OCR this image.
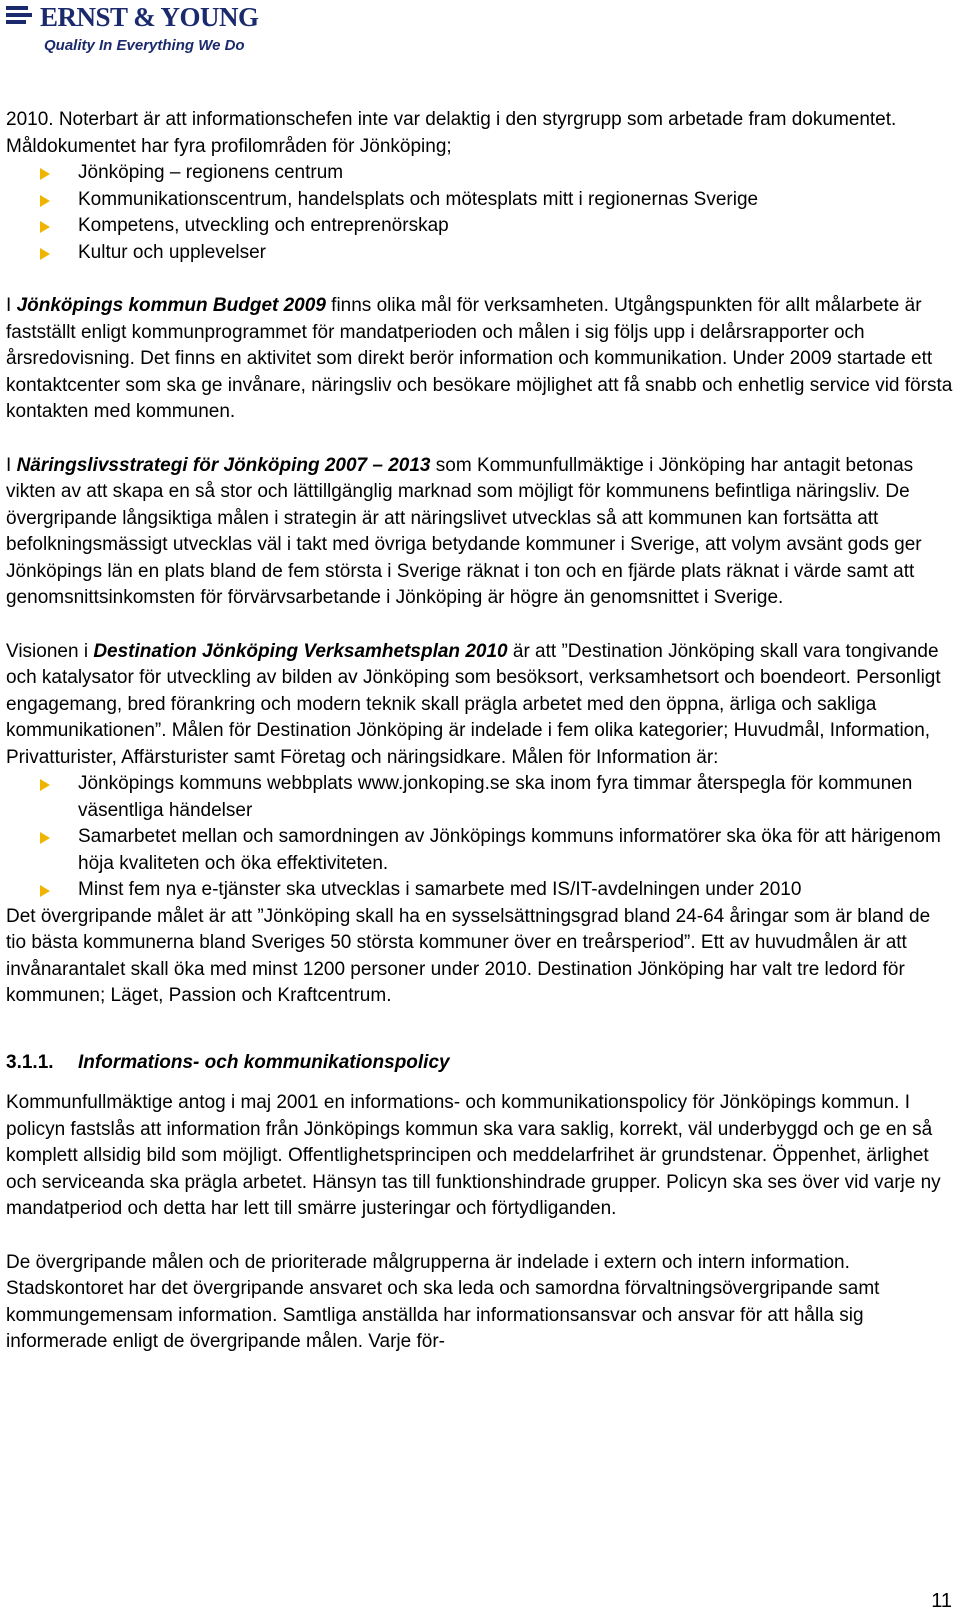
ERNST & YOUNG
Quality In Everything We Do

2010. Noterbart är att informationschefen inte var delaktig i den styrgrupp som arbetade fram dokumentet. Måldokumentet har fyra profilområden för Jönköping;

Jönköping – regionens centrum
Kommunikationscentrum, handelsplats och mötesplats mitt i regionernas Sverige
Kompetens, utveckling och entreprenörskap
Kultur och upplevelser

I Jönköpings kommun Budget 2009 finns olika mål för verksamheten. Utgångspunkten för allt målarbete är fastställt enligt kommunprogrammet för mandatperioden och målen i sig följs upp i delårsrapporter och årsredovisning. Det finns en aktivitet som direkt berör information och kommunikation. Under 2009 startade ett kontaktcenter som ska ge invånare, näringsliv och besökare möjlighet att få snabb och enhetlig service vid första kontakten med kommunen.

I Näringslivsstrategi för Jönköping 2007 – 2013 som Kommunfullmäktige i Jönköping har antagit betonas vikten av att skapa en så stor och lättillgänglig marknad som möjligt för kommunens befintliga näringsliv. De övergripande långsiktiga målen i strategin är att näringslivet utvecklas så att kommunen kan fortsätta att befolkningsmässigt utvecklas väl i takt med övriga betydande kommuner i Sverige, att volym avsänt gods ger Jönköpings län en plats bland de fem största i Sverige räknat i ton och en fjärde plats räknat i värde samt att genomsnittsinkomsten för förvärvsarbetande i Jönköping är högre än genomsnittet i Sverige.

Visionen i Destination Jönköping Verksamhetsplan 2010 är att ”Destination Jönköping skall vara tongivande och katalysator för utveckling av bilden av Jönköping som besöksort, verksamhetsort och boendeort. Personligt engagemang, bred förankring och modern teknik skall prägla arbetet med den öppna, ärliga och sakliga kommunikationen”. Målen för Destination Jönköping är indelade i fem olika kategorier; Huvudmål, Information, Privatturister, Affärsturister samt Företag och näringsidkare. Målen för Information är:

Jönköpings kommuns webbplats www.jonkoping.se ska inom fyra timmar återspegla för kommunen väsentliga händelser
Samarbetet mellan och samordningen av Jönköpings kommuns informatörer ska öka för att härigenom höja kvaliteten och öka effektiviteten.
Minst fem nya e-tjänster ska utvecklas i samarbete med IS/IT-avdelningen under 2010

Det övergripande målet är att ”Jönköping skall ha en sysselsättningsgrad bland 24-64 åringar som är bland de tio bästa kommunerna bland Sveriges 50 största kommuner över en treårsperiod”. Ett av huvudmålen är att invånarantalet skall öka med minst 1200 personer under 2010. Destination Jönköping har valt tre ledord för kommunen; Läget, Passion och Kraftcentrum.

3.1.1. Informations- och kommunikationspolicy

Kommunfullmäktige antog i maj 2001 en informations- och kommunikationspolicy för Jönköpings kommun. I policyn fastslås att information från Jönköpings kommun ska vara saklig, korrekt, väl underbyggd och ge en så komplett allsidig bild som möjligt. Offentlighetsprincipen och meddelarfrihet är grundstenar. Öppenhet, ärlighet och serviceanda ska prägla arbetet. Hänsyn tas till funktionshindrade grupper. Policyn ska ses över vid varje ny mandatperiod och detta har lett till smärre justeringar och förtydliganden.

De övergripande målen och de prioriterade målgrupperna är indelade i extern och intern information. Stadskontoret har det övergripande ansvaret och ska leda och samordna förvaltningsövergripande samt kommungemensam information. Samtliga anställda har informationsansvar och ansvar för att hålla sig informerade enligt de övergripande målen. Varje för-

11
